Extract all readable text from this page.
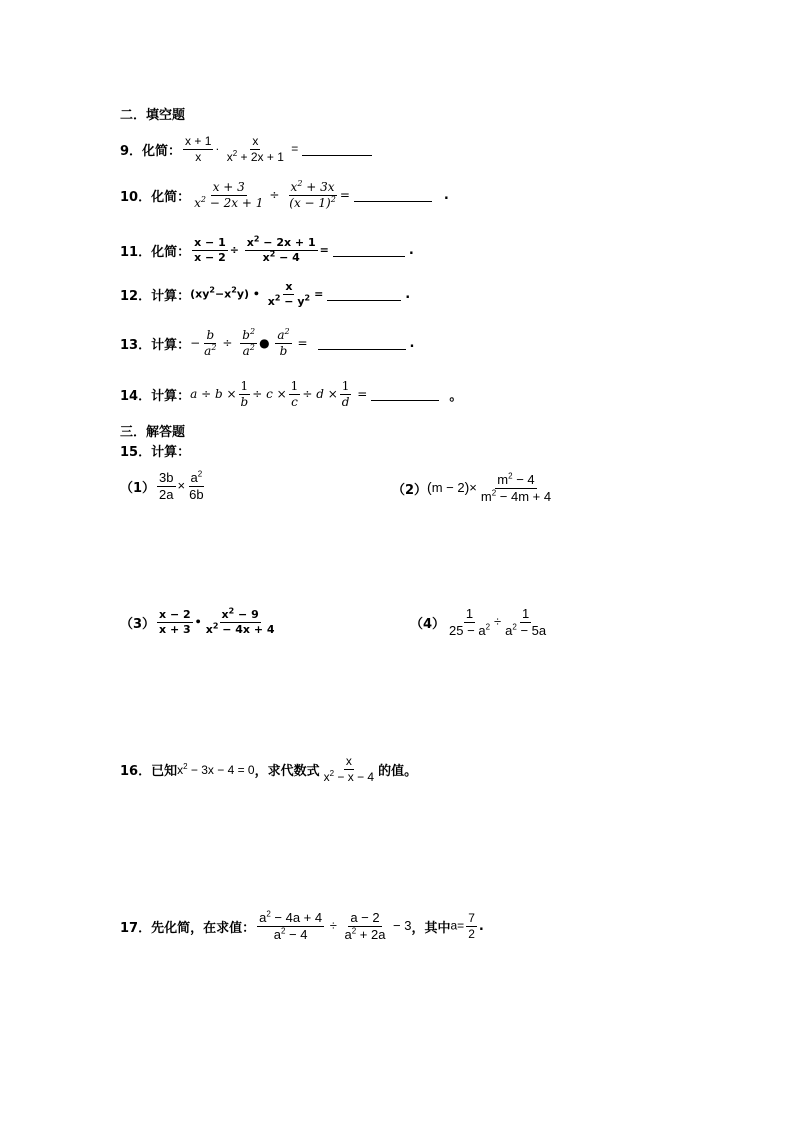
二．填空题
9．化简： $\frac{x + 1}{x} \cdot \frac{x}{x^2 + 2x + 1}$ =
10．化简： $\frac{x + 3}{x^2 - 2x + 1} \div \frac{x^2 + 3x}{(x - 1)^2}$ =	.
11．化简： $\frac{x - 1}{x - 2} \div \frac{x^2 - 2x + 1}{x^2 - 4}$ =	.
12．计算： $(xy^2-x^2y)$ • $\frac{x}{x^2 - y^2}$ =	.
13．计算： − $\frac{b}{a^2} \div \frac{b^2}{a^2}$ ● $\frac{a^2}{b}$ =	.
14．计算： $a \div b \times \frac{1}{b} \div c \times \frac{1}{c} \div d \times \frac{1}{d}$ =	。
三．解答题
15．计算：
$(1) \frac{3b}{2a} \times \frac{a^2}{6b}$	（2） $(m - 2)\times \frac{m^2 - 4}{m^2 - 4m + 4}$
$(3) \frac{x - 2}{x + 3}$ • $\frac{x^2 - 9}{x^2 - 4x + 4}$	$(4) \frac{1}{25 - a^2} \div \frac{1}{a^2 - 5a}$
16．已知 $x^2 - 3x - 4 = 0$ ，求代数式 $\frac{x}{x^2 - x - 4}$ 的值。
17．先化简，在求值： $\frac{a^2 - 4a + 4}{a^2 - 4} \div \frac{a - 2}{a^2 + 2a} - 3$ ，其中 $a= \frac{7}{2}$ .
